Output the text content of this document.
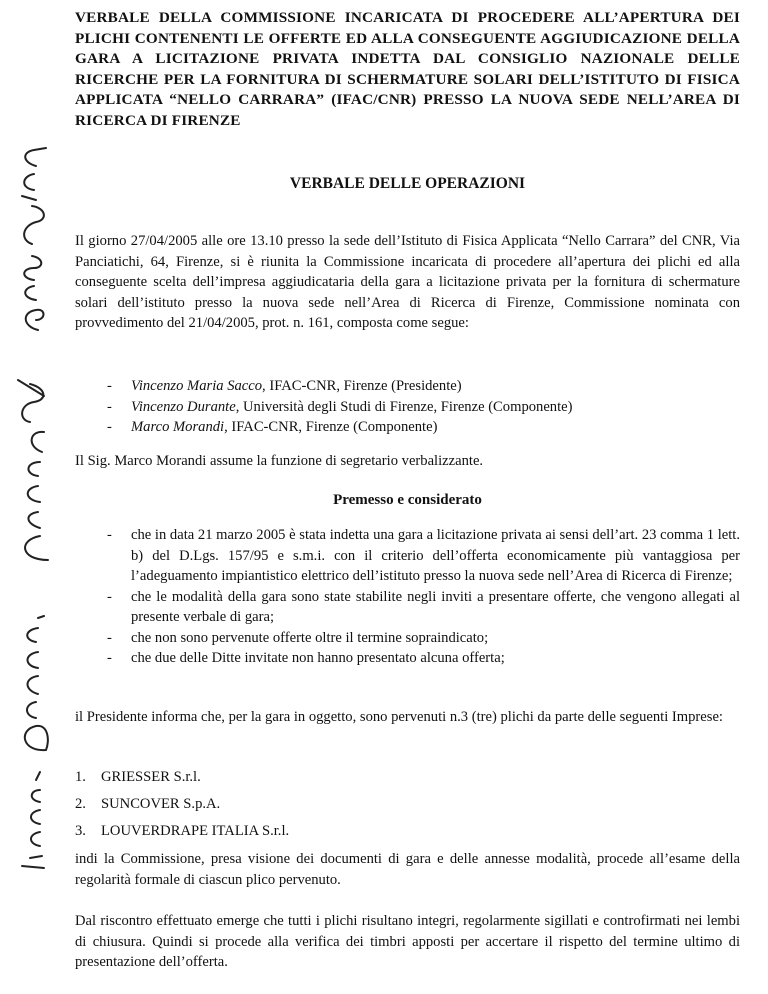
VERBALE DELLA COMMISSIONE INCARICATA DI PROCEDERE ALL’APERTURA DEI PLICHI CONTENENTI LE OFFERTE ED ALLA CONSEGUENTE AGGIUDICAZIONE DELLA GARA A LICITAZIONE PRIVATA INDETTA DAL CONSIGLIO NAZIONALE DELLE RICERCHE PER LA FORNITURA DI SCHERMATURE SOLARI DELL’ISTITUTO DI FISICA APPLICATA “NELLO CARRARA” (IFAC/CNR) PRESSO LA NUOVA SEDE NELL’AREA DI RICERCA DI FIRENZE

VERBALE DELLE OPERAZIONI

Il giorno 27/04/2005 alle ore 13.10 presso la sede dell’Istituto di Fisica Applicata “Nello Carrara” del CNR, Via Panciatichi, 64, Firenze, si è riunita la Commissione incaricata di procedere all’apertura dei plichi ed alla conseguente scelta dell’impresa aggiudicataria della gara a licitazione privata per la fornitura di schermature solari dell’istituto presso la nuova sede nell’Area di Ricerca di Firenze, Commissione nominata con provvedimento del 21/04/2005, prot. n. 161, composta come segue:

- Vincenzo Maria Sacco, IFAC-CNR, Firenze (Presidente)
- Vincenzo Durante, Università degli Studi di Firenze, Firenze (Componente)
- Marco Morandi, IFAC-CNR, Firenze (Componente)

Il Sig. Marco Morandi assume la funzione di segretario verbalizzante.

Premesso e considerato

- che in data 21 marzo 2005 è stata indetta una gara a licitazione privata ai sensi dell’art. 23 comma 1 lett. b) del D.Lgs. 157/95 e s.m.i. con il criterio dell’offerta economicamente più vantaggiosa per l’adeguamento impiantistico elettrico dell’istituto presso la nuova sede nell’Area di Ricerca di Firenze;
- che le modalità della gara sono state stabilite negli inviti a presentare offerte, che vengono allegati al presente verbale di gara;
- che non sono pervenute offerte oltre il termine sopraindicato;
- che due delle Ditte invitate non hanno presentato alcuna offerta;

il Presidente informa che, per la gara in oggetto, sono pervenuti n.3 (tre) plichi da parte delle seguenti Imprese:

1. GRIESSER S.r.l.
2. SUNCOVER S.p.A.
3. LOUVERDRAPE ITALIA S.r.l.

indi la Commissione, presa visione dei documenti di gara e delle annesse modalità, procede all’esame della regolarità formale di ciascun plico pervenuto.

Dal riscontro effettuato emerge che tutti i plichi risultano integri, regolarmente sigillati e controfirmati nei lembi di chiusura. Quindi si procede alla verifica dei timbri apposti per accertare il rispetto del termine ultimo di presentazione dell’offerta.
